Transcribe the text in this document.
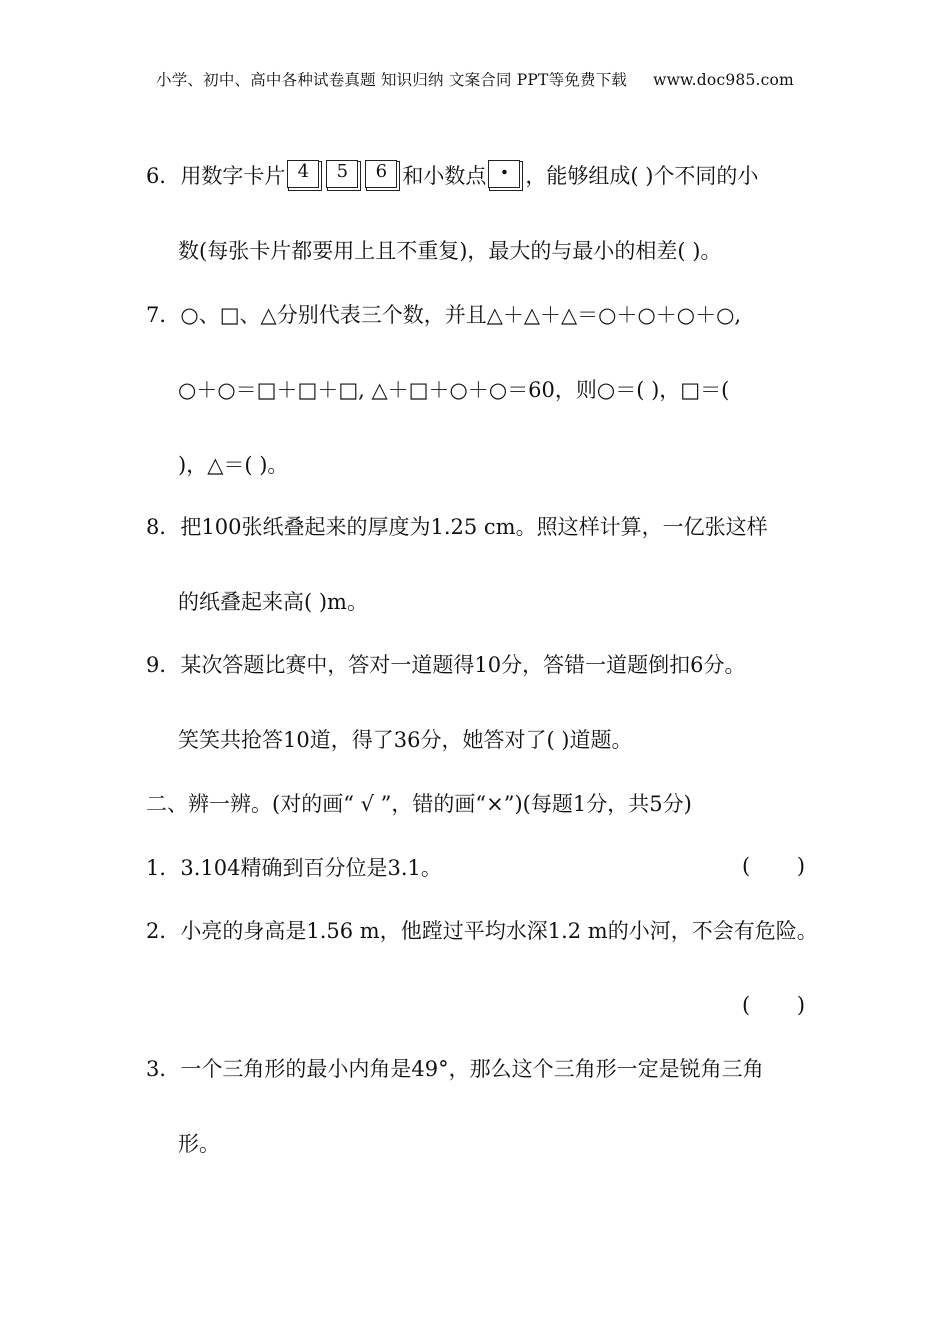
小学、初中、高中各种试卷真题 知识归纳 文案合同 PPT等免费下载 www.doc985.com
6．用数字卡片 4	5	6 和小数点 . ，能够组成( )个不同的小
数(每张卡片都要用上且不重复)，最大的与最小的相差( )。
7．○、□、△分别代表三个数，并且△＋△＋△＝○＋○＋○＋○,
○＋○＝□＋□＋□, △＋□＋○＋○＝60，则○＝( )，□＝(
)，△＝( )。
8．把100张纸叠起来的厚度为1.25 cm。照这样计算，一亿张这样
的纸叠起来高( )m。
9．某次答题比赛中，答对一道题得10分，答错一道题倒扣6分。
笑笑共抢答10道，得了36分，她答对了( )道题。
二、辨一辨。(对的画“ √ ”，错的画“×”)(每题1分，共5分)
1．3.104精确到百分位是3.1。	(       )
2．小亮的身高是1.56 m，他蹚过平均水深1.2 m的小河，不会有危险。
(       )
3．一个三角形的最小内角是49°，那么这个三角形一定是锐角三角
形。
